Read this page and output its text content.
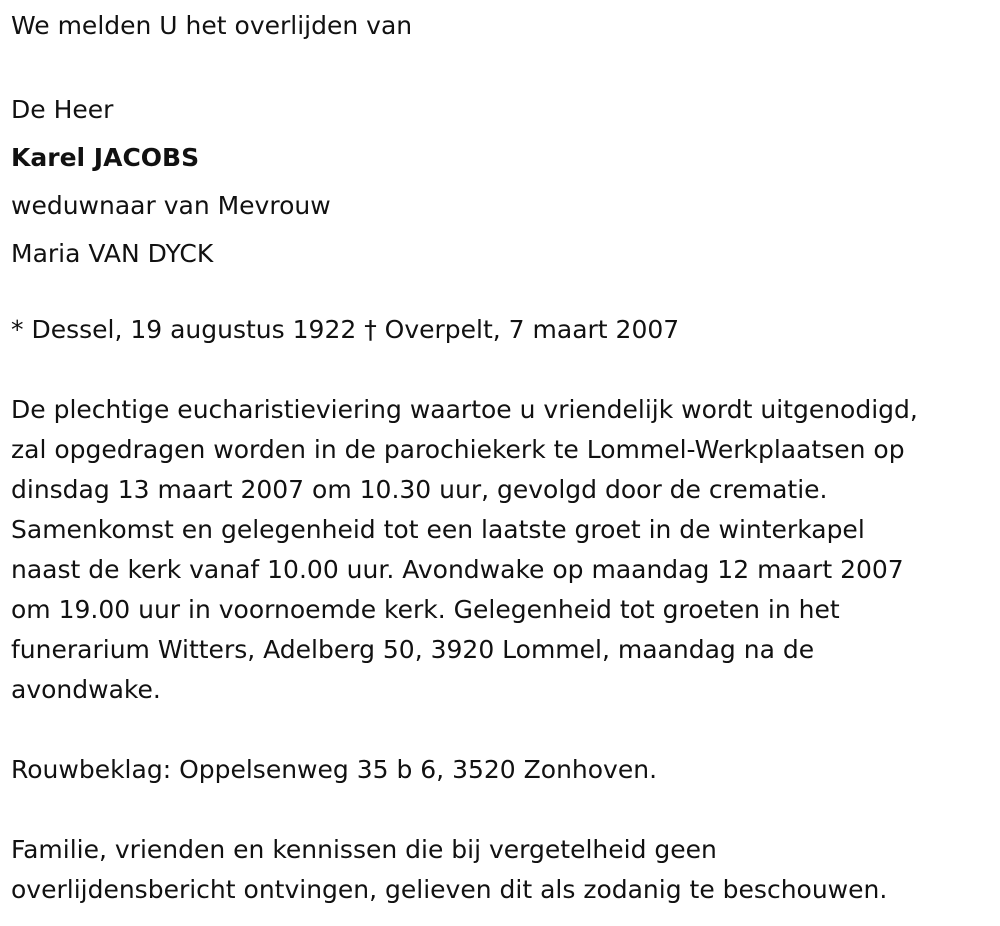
We melden U het overlijden van

De Heer

Karel JACOBS

weduwnaar van Mevrouw

Maria VAN DYCK

* Dessel, 19 augustus 1922 † Overpelt, 7 maart 2007

De plechtige eucharistieviering waartoe u vriendelijk wordt uitgenodigd,

zal opgedragen worden in de parochiekerk te Lommel-Werkplaatsen op

dinsdag 13 maart 2007 om 10.30 uur, gevolgd door de crematie.

Samenkomst en gelegenheid tot een laatste groet in de winterkapel

naast de kerk vanaf 10.00 uur. Avondwake op maandag 12 maart 2007

om 19.00 uur in voornoemde kerk. Gelegenheid tot groeten in het

funerarium Witters, Adelberg 50, 3920 Lommel, maandag na de

avondwake.

Rouwbeklag: Oppelsenweg 35 b 6, 3520 Zonhoven.

Familie, vrienden en kennissen die bij vergetelheid geen

overlijdensbericht ontvingen, gelieven dit als zodanig te beschouwen.
